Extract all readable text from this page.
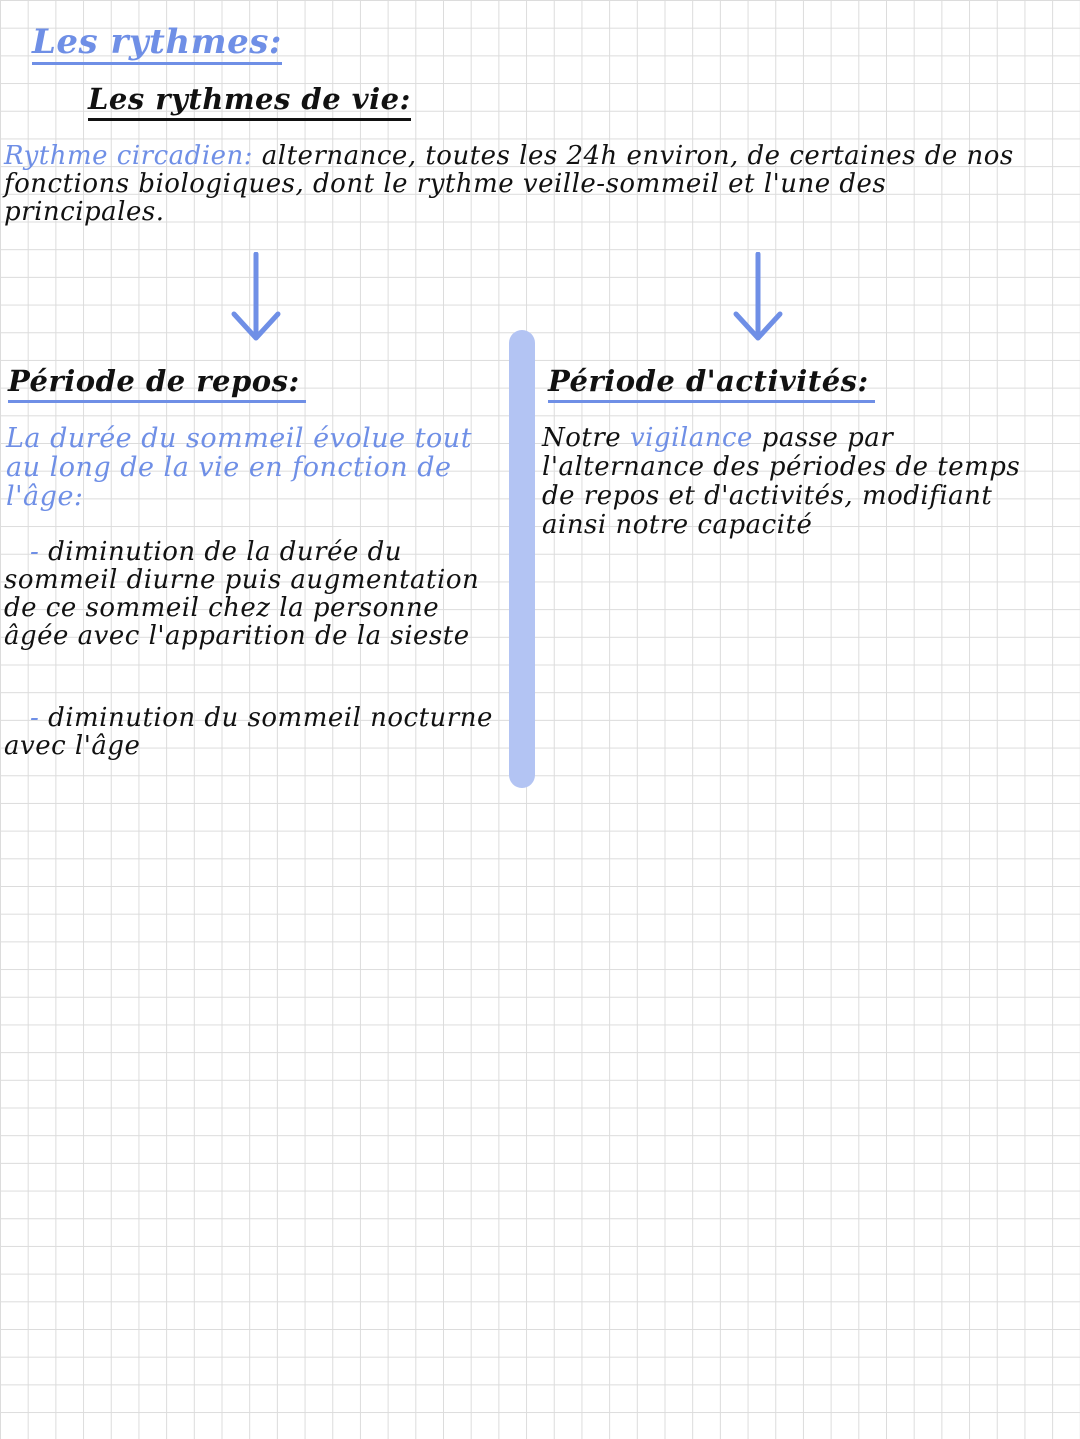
Les rythmes:
Les rythmes de vie:

Rythme circadien: alternance, toutes les 24h environ, de certaines de nos fonctions biologiques, dont le rythme veille-sommeil et l'une des principales.

Période de repos:	Période d'activités:

La durée du sommeil évolue tout au long de la vie en fonction de l'âge:

- diminution de la durée du sommeil diurne puis augmentation de ce sommeil chez la personne âgée avec l'apparition de la sieste

- diminution du sommeil nocturne avec l'âge

Notre vigilance passe par l'alternance des périodes de temps de repos et d'activités, modifiant ainsi notre capacité
